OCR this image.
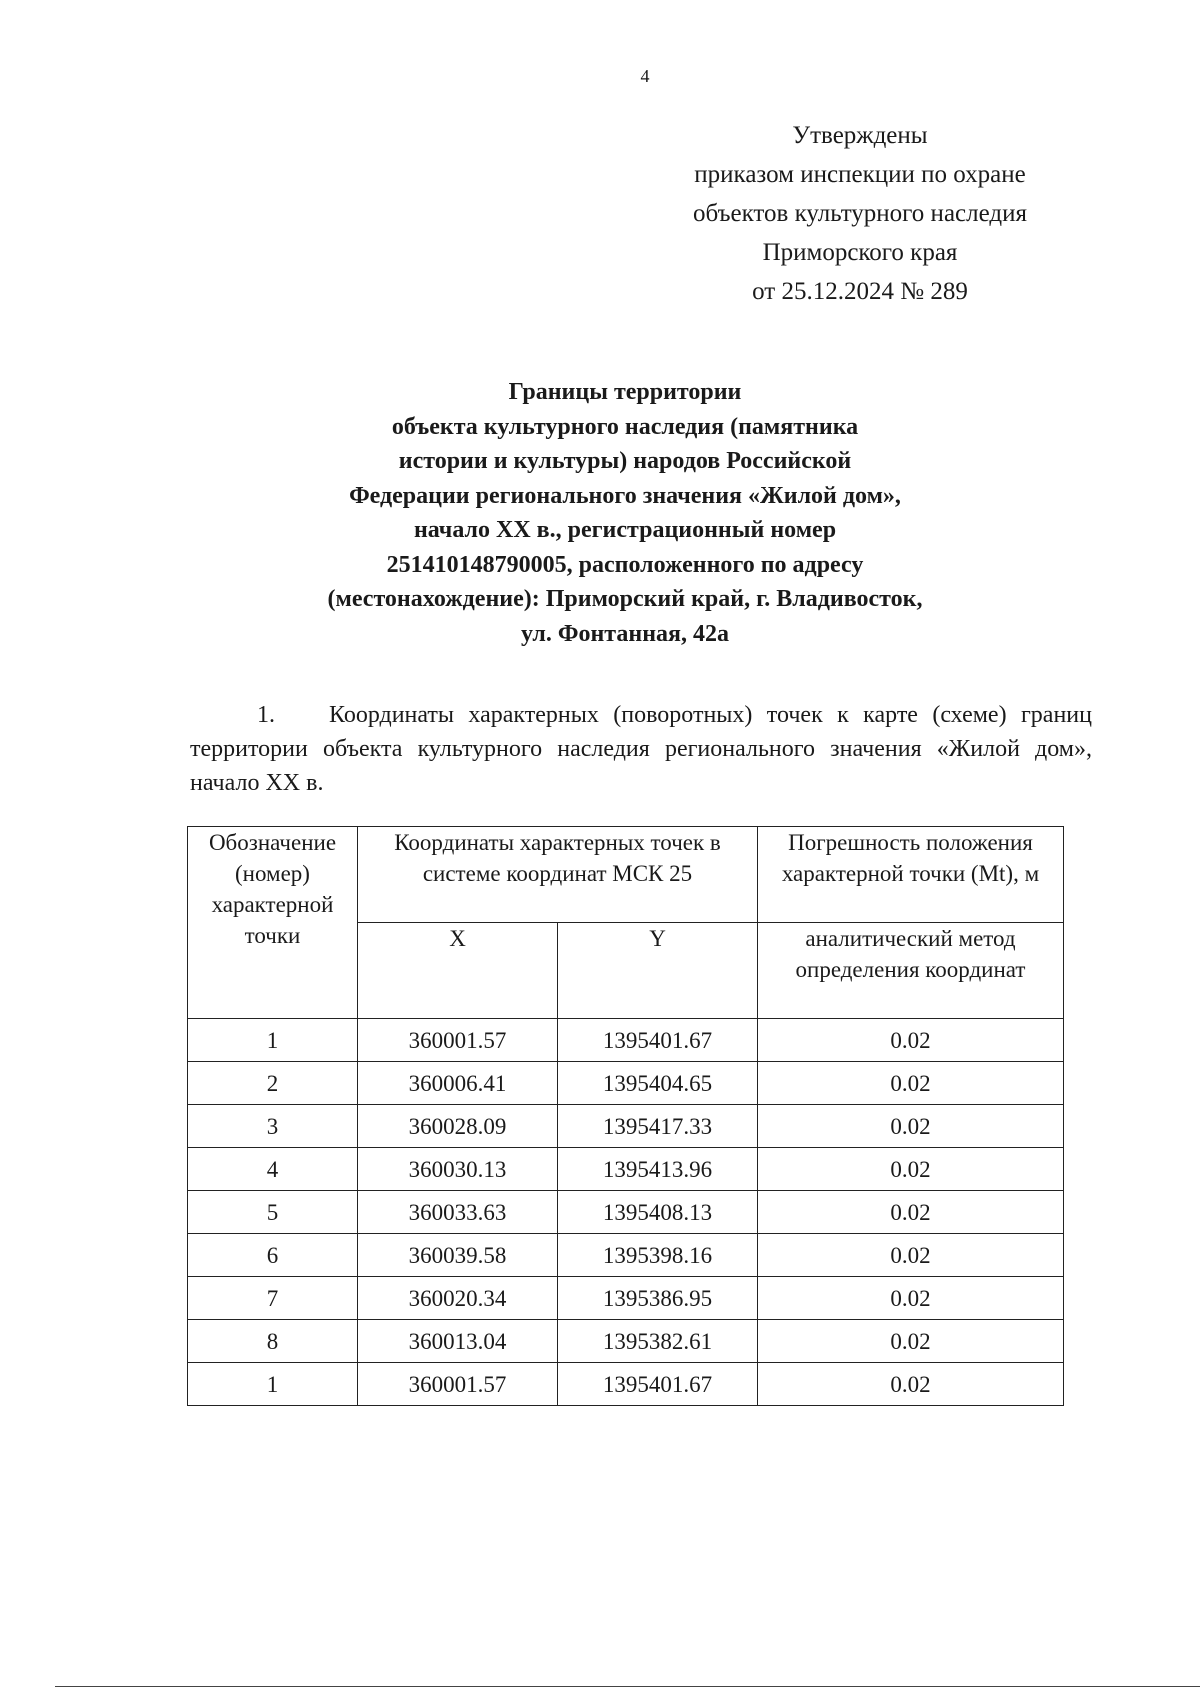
4
Утверждены
приказом инспекции по охране
объектов культурного наследия
Приморского края
от 25.12.2024 № 289
Границы территории
объекта культурного наследия (памятника
истории и культуры) народов Российской
Федерации регионального значения «Жилой дом»,
начало XX в., регистрационный номер
251410148790005, расположенного по адресу
(местонахождение): Приморский край, г. Владивосток,
ул. Фонтанная, 42а
1. Координаты характерных (поворотных) точек к карте (схеме) границ территории объекта культурного наследия регионального значения «Жилой дом», начало XX в.
Обозначение (номер) характерной точки	Координаты характерных точек в системе координат МСК 25		Погрешность положения характерной точки (Mt), м
	X	Y	аналитический метод определения координат
1	360001.57	1395401.67	0.02
2	360006.41	1395404.65	0.02
3	360028.09	1395417.33	0.02
4	360030.13	1395413.96	0.02
5	360033.63	1395408.13	0.02
6	360039.58	1395398.16	0.02
7	360020.34	1395386.95	0.02
8	360013.04	1395382.61	0.02
1	360001.57	1395401.67	0.02
